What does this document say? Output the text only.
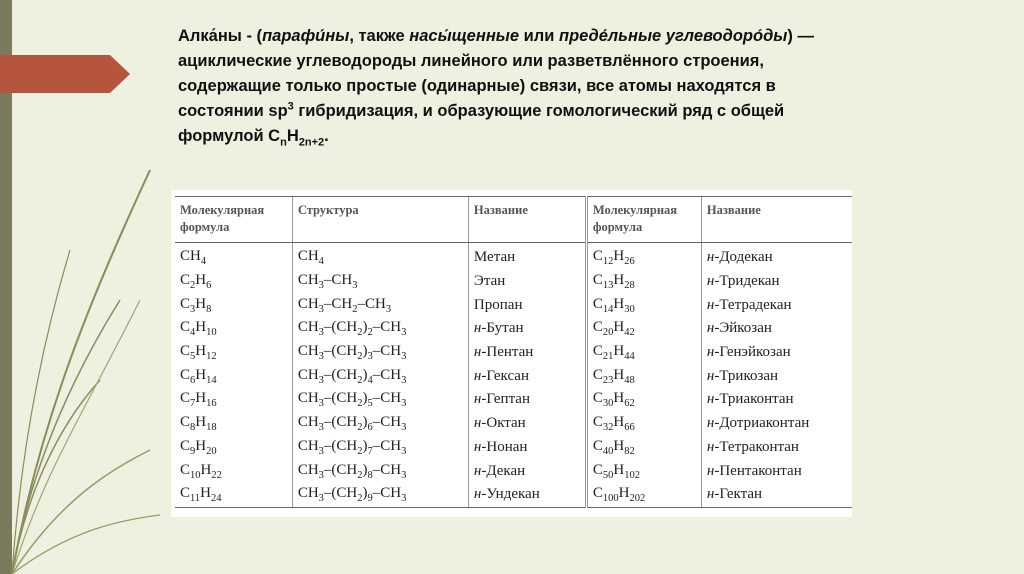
Алка́ны - (парафи́ны, также насы́щенные или преде́льные углеводоро́ды) — ациклические углеводороды линейного или разветвлённого строения, содержащие только простые (одинарные) связи, все атомы находятся в состоянии $sp^3$ гибридизация, и образующие гомологический ряд с общей формулой $C_nH_{2n+2}$.
Молекулярная формула	Структура	Название	Молекулярная формула	Название
$CH_4$	$CH_4$	Метан	$C_{12}H_{26}$	н-Додекан
$C_2H_6$	$CH_3-CH_3$	Этан	$C_{13}H_{28}$	н-Тридекан
$C_3H_8$	$CH_3-CH_2-CH_3$	Пропан	$C_{14}H_{30}$	н-Тетрадекан
$C_4H_{10}$	$CH_3-(CH_2)_2-CH_3$	н-Бутан	$C_{20}H_{42}$	н-Эйкозан
$C_5H_{12}$	$CH_3-(CH_2)_3-CH_3$	н-Пентан	$C_{21}H_{44}$	н-Генэйкозан
$C_6H_{14}$	$CH_3-(CH_2)_4-CH_3$	н-Гексан	$C_{23}H_{48}$	н-Трикозан
$C_7H_{16}$	$CH_3-(CH_2)_5-CH_3$	н-Гептан	$C_{30}H_{62}$	н-Триаконтан
$C_8H_{18}$	$CH_3-(CH_2)_6-CH_3$	н-Октан	$C_{32}H_{66}$	н-Дотриаконтан
$C_9H_{20}$	$CH_3-(CH_2)_7-CH_3$	н-Нонан	$C_{40}H_{82}$	н-Тетраконтан
$C_{10}H_{22}$	$CH_3-(CH_2)_8-CH_3$	н-Декан	$C_{50}H_{102}$	н-Пентаконтан
$C_{11}H_{24}$	$CH_3-(CH_2)_9-CH_3$	н-Ундекан	$C_{100}H_{202}$	н-Гектан
